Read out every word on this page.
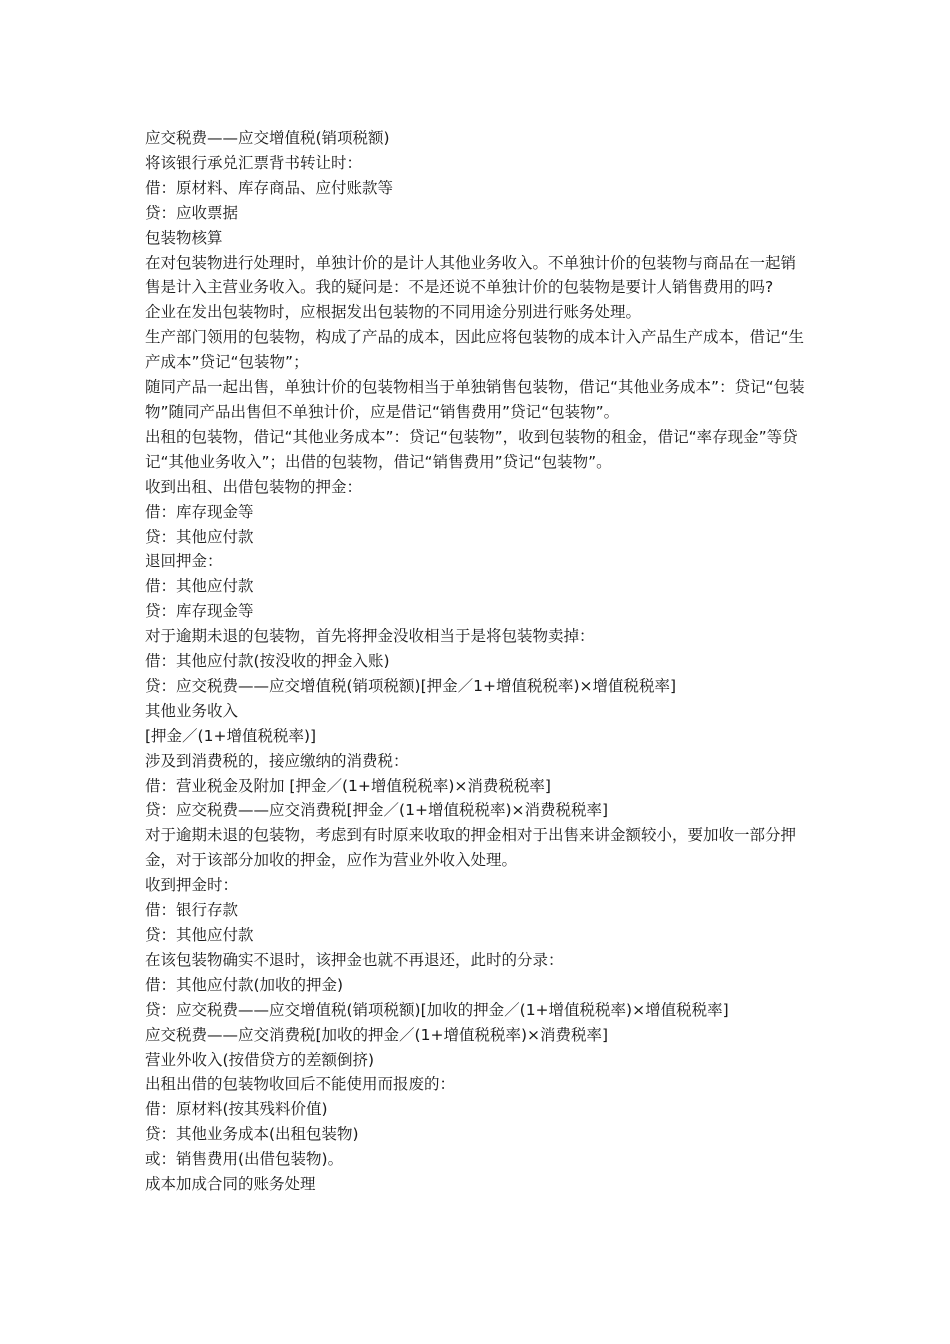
应交税费——应交增值税(销项税额)

将该银行承兑汇票背书转让时：

借：原材料、库存商品、应付账款等

贷：应收票据

包装物核算

在对包装物进行处理时，单独计价的是计人其他业务收入。不单独计价的包装物与商品在一起销售是计入主营业务收入。我的疑问是：不是还说不单独计价的包装物是要计人销售费用的吗?

企业在发出包装物时，应根据发出包装物的不同用途分别进行账务处理。

生产部门领用的包装物，构成了产品的成本，因此应将包装物的成本计入产品生产成本，借记“生产成本”贷记“包装物”；

随同产品一起出售，单独计价的包装物相当于单独销售包装物，借记“其他业务成本”：贷记“包装物”随同产品出售但不单独计价，应是借记“销售费用”贷记“包装物”。

出租的包装物，借记“其他业务成本”：贷记“包装物”，收到包装物的租金，借记“率存现金”等贷记“其他业务收入”；出借的包装物，借记“销售费用”贷记“包装物”。

收到出租、出借包装物的押金：

借：库存现金等

贷：其他应付款

退回押金：

借：其他应付款

贷：库存现金等

对于逾期未退的包装物，首先将押金没收相当于是将包装物卖掉：

借：其他应付款(按没收的押金入账)

贷：应交税费——应交增值税(销项税额)[押金／1+增值税税率)×增值税税率]

其他业务收入

[押金／(1+增值税税率)]

涉及到消费税的，接应缴纳的消费税：

借：营业税金及附加 [押金／(1+增值税税率)×消费税税率]

贷：应交税费——应交消费税[押金／(1+增值税税率)×消费税税率]

对于逾期未退的包装物，考虑到有时原来收取的押金相对于出售来讲金额较小，要加收一部分押金，对于该部分加收的押金，应作为营业外收入处理。

收到押金时：

借：银行存款

贷：其他应付款

在该包装物确实不退时，该押金也就不再退还，此时的分录：

借：其他应付款(加收的押金)

贷：应交税费——应交增值税(销项税额)[加收的押金／(1+增值税税率)×增值税税率]

应交税费——应交消费税[加收的押金／(1+增值税税率)×消费税率]

营业外收入(按借贷方的差额倒挤)

出租出借的包装物收回后不能使用而报废的：

借：原材料(按其残料价值)

贷：其他业务成本(出租包装物)

或：销售费用(出借包装物)。

成本加成合同的账务处理
